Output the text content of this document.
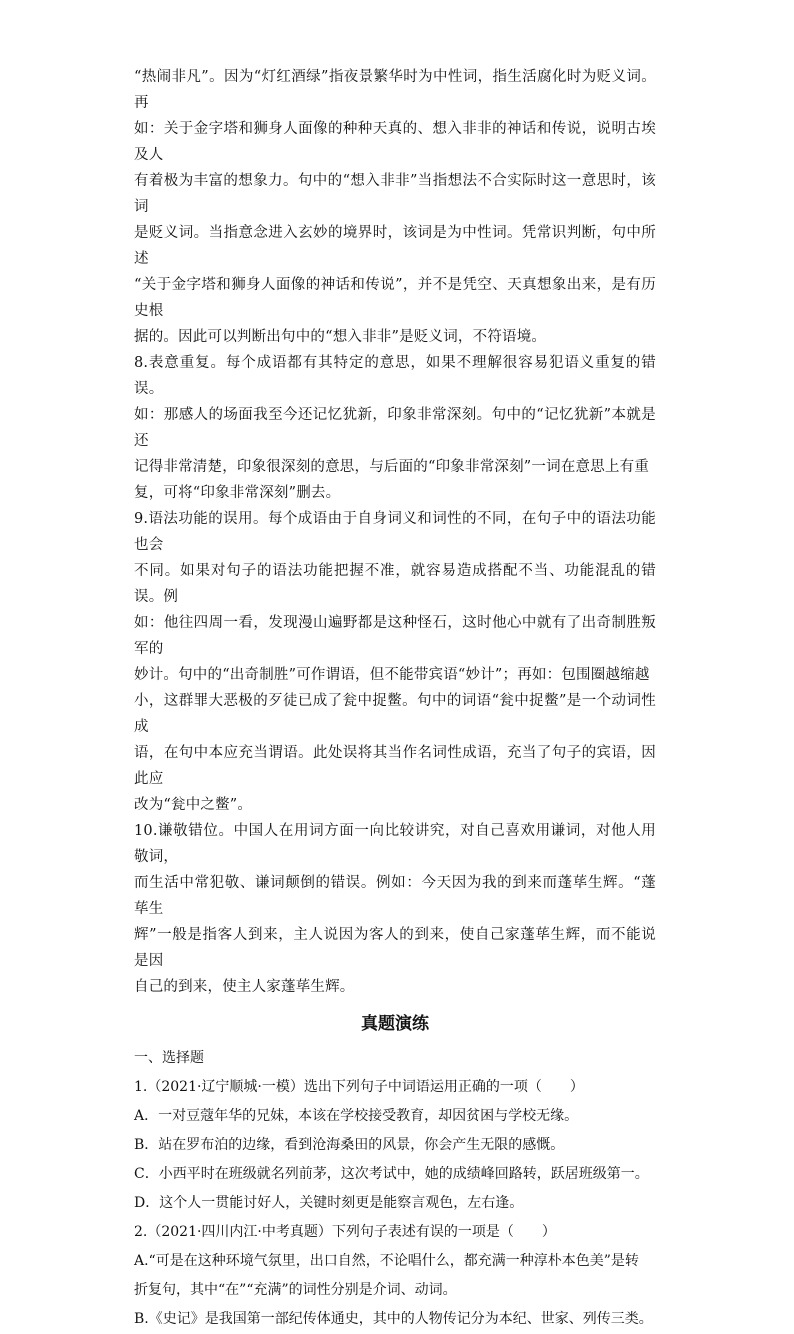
“热闹非凡”。因为“灯红酒绿”指夜景繁华时为中性词，指生活腐化时为贬义词。再

如：关于金字塔和狮身人面像的种种天真的、想入非非的神话和传说，说明古埃及人

有着极为丰富的想象力。句中的“想入非非”当指想法不合实际时这一意思时，该词

是贬义词。当指意念进入玄妙的境界时，该词是为中性词。凭常识判断，句中所述

“关于金字塔和狮身人面像的神话和传说”，并不是凭空、天真想象出来，是有历史根

据的。因此可以判断出句中的“想入非非”是贬义词，不符语境。

8.表意重复。每个成语都有其特定的意思，如果不理解很容易犯语义重复的错误。

如：那感人的场面我至今还记忆犹新，印象非常深刻。句中的“记忆犹新”本就是还

记得非常清楚，印象很深刻的意思，与后面的“印象非常深刻”一词在意思上有重

复，可将“印象非常深刻”删去。

9.语法功能的误用。每个成语由于自身词义和词性的不同，在句子中的语法功能也会

不同。如果对句子的语法功能把握不准，就容易造成搭配不当、功能混乱的错误。例

如：他往四周一看，发现漫山遍野都是这种怪石，这时他心中就有了出奇制胜叛军的

妙计。句中的“出奇制胜”可作谓语，但不能带宾语“妙计”；再如：包围圈越缩越

小，这群罪大恶极的歹徒已成了瓮中捉鳖。句中的词语“瓮中捉鳖”是一个动词性成

语，在句中本应充当谓语。此处误将其当作名词性成语，充当了句子的宾语，因此应

改为“瓮中之鳖”。

10.谦敬错位。中国人在用词方面一向比较讲究，对自己喜欢用谦词，对他人用敬词，

而生活中常犯敬、谦词颠倒的错误。例如：今天因为我的到来而蓬荜生辉。“蓬荜生

辉”一般是指客人到来，主人说因为客人的到来，使自己家蓬荜生辉，而不能说是因

自己的到来，使主人家蓬荜生辉。

真题演练

一、选择题

1.（2021·辽宁顺城·一模）选出下列句子中词语运用正确的一项（　　）

A．一对豆蔻年华的兄妹，本该在学校接受教育，却因贫困与学校无缘。

B．站在罗布泊的边缘，看到沧海桑田的风景，你会产生无限的感慨。

C．小西平时在班级就名列前茅，这次考试中，她的成绩峰回路转，跃居班级第一。

D．这个人一贯能讨好人，关键时刻更是能察言观色，左右逢。

2.（2021·四川内江·中考真题）下列句子表述有误的一项是（　　）

A.“可是在这种环境气氛里，出口自然，不论唱什么，都充满一种淳朴本色美”是转

折复句，其中“在”“充满”的词性分别是介词、动词。

B.《史记》是我国第一部纪传体通史，其中的人物传记分为本纪、世家、列传三类。
